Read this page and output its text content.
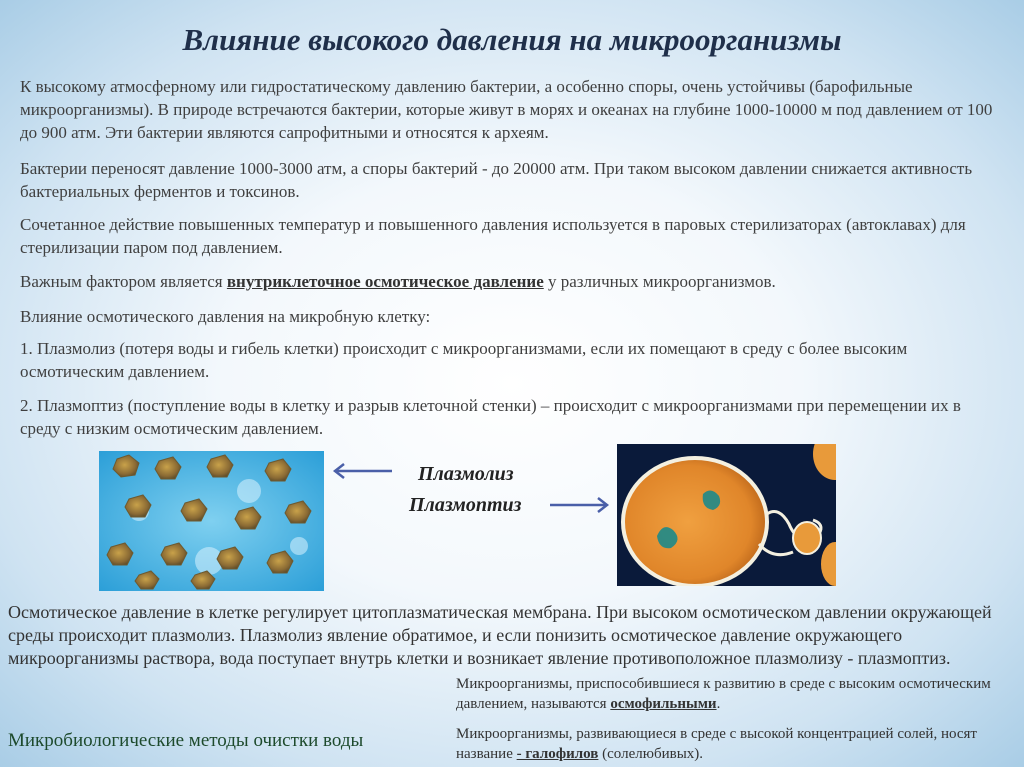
Влияние высокого давления на микроорганизмы

К высокому атмосферному или гидростатическому давлению бактерии, а особенно споры, очень устойчивы (барофильные микроорганизмы). В природе встречаются бактерии, которые живут в морях и океанах на глубине 1000-10000 м под давлением от 100 до 900 атм. Эти бактерии являются сапрофитными и относятся к археям.

Бактерии переносят давление 1000-3000 атм, а споры бактерий - до 20000 атм. При таком высоком давлении снижается активность бактериальных ферментов и токсинов.

Сочетанное действие повышенных температур и повышенного давления используется в паровых стерилизаторах (автоклавах) для стерилизации паром под давлением.

Важным фактором является внутриклеточное осмотическое давление у различных микроорганизмов.

Влияние осмотического давления на микробную клетку:

1. Плазмолиз (потеря воды и гибель клетки) происходит с микроорганизмами, если их помещают в среду с более высоким осмотическим давлением.

2. Плазмоптиз (поступление воды в клетку и разрыв клеточной стенки) – происходит с микроорганизмами при перемещении их в среду с низким осмотическим давлением.

Плазмолиз
Плазмоптиз

Осмотическое давление в клетке регулирует цитоплазматическая мембрана. При высоком осмотическом давлении окружающей среды происходит плазмолиз. Плазмолиз явление обратимое, и если понизить осмотическое давление окружающего микроорганизмы раствора, вода поступает внутрь клетки и возникает явление противоположное плазмолизу - плазмоптиз.

Микроорганизмы, приспособившиеся к развитию в среде с высоким осмотическим давлением, называются осмофильными.

Микроорганизмы, развивающиеся в среде с высокой концентрацией солей, носят название - галофилов (солелюбивых).

Микробиологические методы очистки воды
